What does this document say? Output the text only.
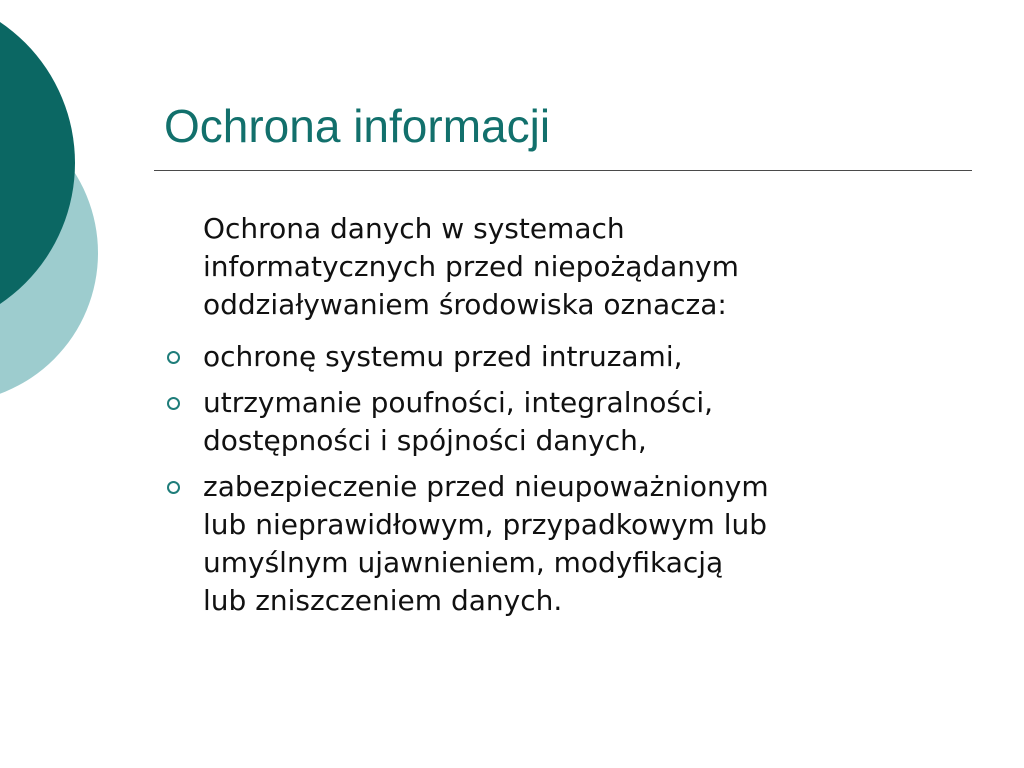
Ochrona informacji

Ochrona danych w systemach
informatycznych przed niepożądanym
oddziaływaniem środowiska oznacza:

ochronę systemu przed intruzami,
utrzymanie poufności, integralności,
dostępności i spójności danych,
zabezpieczenie przed nieupoważnionym
lub nieprawidłowym, przypadkowym lub
umyślnym ujawnieniem, modyfikacją
lub zniszczeniem danych.
